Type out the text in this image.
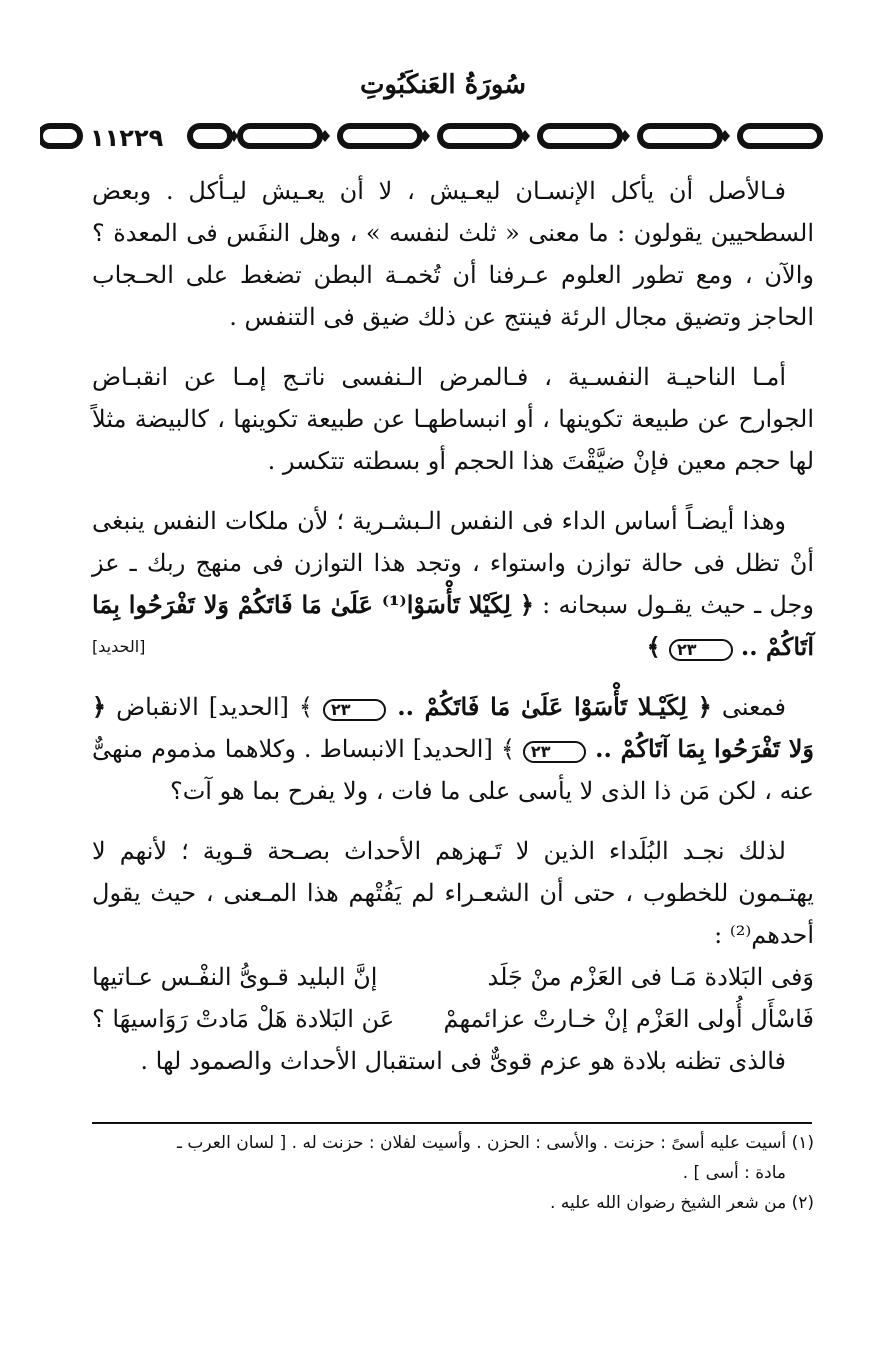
سُورَةُ العَنكَبُوتِ
١١٢٢٩

فـالأصل أن يأكل الإنسـان ليعـيش ، لا أن يعـيش ليـأكل . وبعض السطحيين يقولون : ما معنى « ثلث لنفسه » ، وهل النفَس فى المعدة ؟ والآن ، ومع تطور العلوم عـرفنا أن تُخمـة البطن تضغط على الحـجاب الحاجز وتضيق مجال الرئة فينتج عن ذلك ضيق فى التنفس .

أمـا الناحيـة النفسـية ، فـالمرض الـنفسى ناتـج إمـا عن انقبـاض الجوارح عن طبيعة تكوينها ، أو انبساطهـا عن طبيعة تكوينها ، كالبيضة مثلاً لها حجم معين فإنْ ضيَّقْتَ هذا الحجم أو بسطته تتكسر .

وهذا أيضـاً أساس الداء فى النفس الـبشـرية ؛ لأن ملكات النفس ينبغى أنْ تظل فى حالة توازن واستواء ، وتجد هذا التوازن فى منهج ربك ـ عز وجل ـ حيث يقـول سبحانه : ﴿ لِكَيْلا تَأْسَوْا⁽¹⁾ عَلَىٰ مَا فَاتَكُمْ وَلا تَفْرَحُوا بِمَا آتَاكُمْ .. ٢٣ ﴾
[الحديد]

فمعنى ﴿ لِكَيْـلا تَأْسَوْا عَلَىٰ مَا فَاتَكُمْ .. ٢٣ ﴾ [الحديد] الانقباض ﴿ وَلا تَفْرَحُوا بِمَا آتَاكُمْ .. ٢٣ ﴾ [الحديد] الانبساط . وكلاهما مذموم منهىٌّ عنه ، لكن مَن ذا الذى لا يأسى على ما فات ، ولا يفرح بما هو آت؟

لذلك نجـد البُلَداء الذين لا تَـهزهم الأحداث بصـحة قـوية ؛ لأنهم لا يهتـمون للخطوب ، حتى أن الشعـراء لم يَفُتْهم هذا المـعنى ، حيث يقول أحدهم⁽²⁾ :

وَفى البَلادة مَـا فى العَزْم منْ جَلَد
إنَّ البليد قـوىُّ النفْـس عـاتيها
فَاسْأَل أُولى العَزْم إنْ خـارتْ عزائمهمْ
عَن البَلادة هَلْ مَادتْ رَوَاسيهَا ؟

فالذى تظنه بلادة هو عزم قوىٌّ فى استقبال الأحداث والصمود لها .

(١) أسيت عليه أسىً : حزنت . والأسى : الحزن . وأسيت لفلان : حزنت له . [ لسان العرب ـ

مادة : أسى ] .

(٢) من شعر الشيخ رضوان الله عليه .
